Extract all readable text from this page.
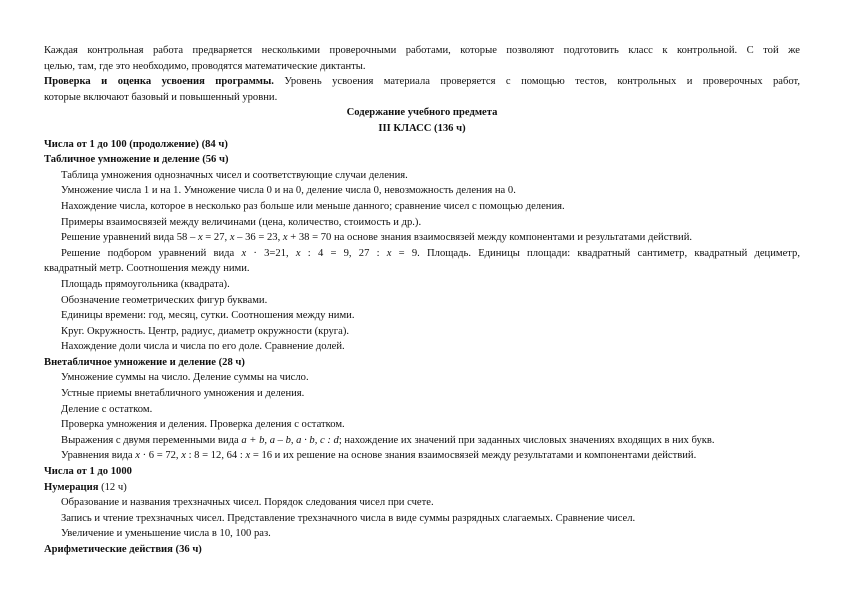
Каждая контрольная работа предваряется несколькими проверочными работами, которые позволяют подготовить класс к контрольной. С той же

целью, там, где это необходимо, проводятся математические диктанты.

Проверка и оценка усвоения программы. Уровень усвоения материала проверяется с помощью тестов, контрольных и проверочных работ,

которые включают базовый и повышенный уровни.

Содержание учебного предмета

III КЛАСС (136 ч)

Числа от 1 до 100 (продолжение) (84 ч)

Табличное умножение и деление (56 ч)

Таблица умножения однозначных чисел и соответствующие случаи деления.

Умножение числа 1 и на 1. Умножение числа 0 и на 0, деление числа 0, невозможность деления на 0.

Нахождение числа, которое в несколько раз больше или меньше данного; сравнение чисел с помощью деления.

Примеры взаимосвязей между величинами (цена, количество, стоимость и др.).

Решение уравнений вида 58 – x = 27, x – 36 = 23, x + 38 = 70 на основе знания взаимосвязей между компонентами и результатами действий.

Решение подбором уравнений вида x · 3=21, x : 4 = 9, 27 : x = 9. Площадь. Единицы площади: квадратный сантиметр, квадратный дециметр,

квадратный метр. Соотношения между ними.

Площадь прямоугольника (квадрата).

Обозначение геометрических фигур буквами.

Единицы времени: год, месяц, сутки. Соотношения между ними.

Круг. Окружность. Центр, радиус, диаметр окружности (круга).

Нахождение доли числа и числа по его доле. Сравнение долей.

Внетабличное умножение и деление (28 ч)

Умножение суммы на число. Деление суммы на число.

Устные приемы внетабличного умножения и деления.

Деление с остатком.

Проверка умножения и деления. Проверка деления с остатком.

Выражения с двумя переменными вида a + b, a – b, a · b, c : d; нахождение их значений при заданных числовых значениях входящих в них букв.

Уравнения вида x · 6 = 72, x : 8 = 12, 64 : x = 16 и их решение на основе знания взаимосвязей между результатами и компонентами действий.

Числа от 1 до 1000

Нумерация (12 ч)

Образование и названия трехзначных чисел. Порядок следования чисел при счете.

Запись и чтение трехзначных чисел. Представление трехзначного числа в виде суммы разрядных слагаемых. Сравнение чисел.

Увеличение и уменьшение числа в 10, 100 раз.

Арифметические действия (36 ч)
